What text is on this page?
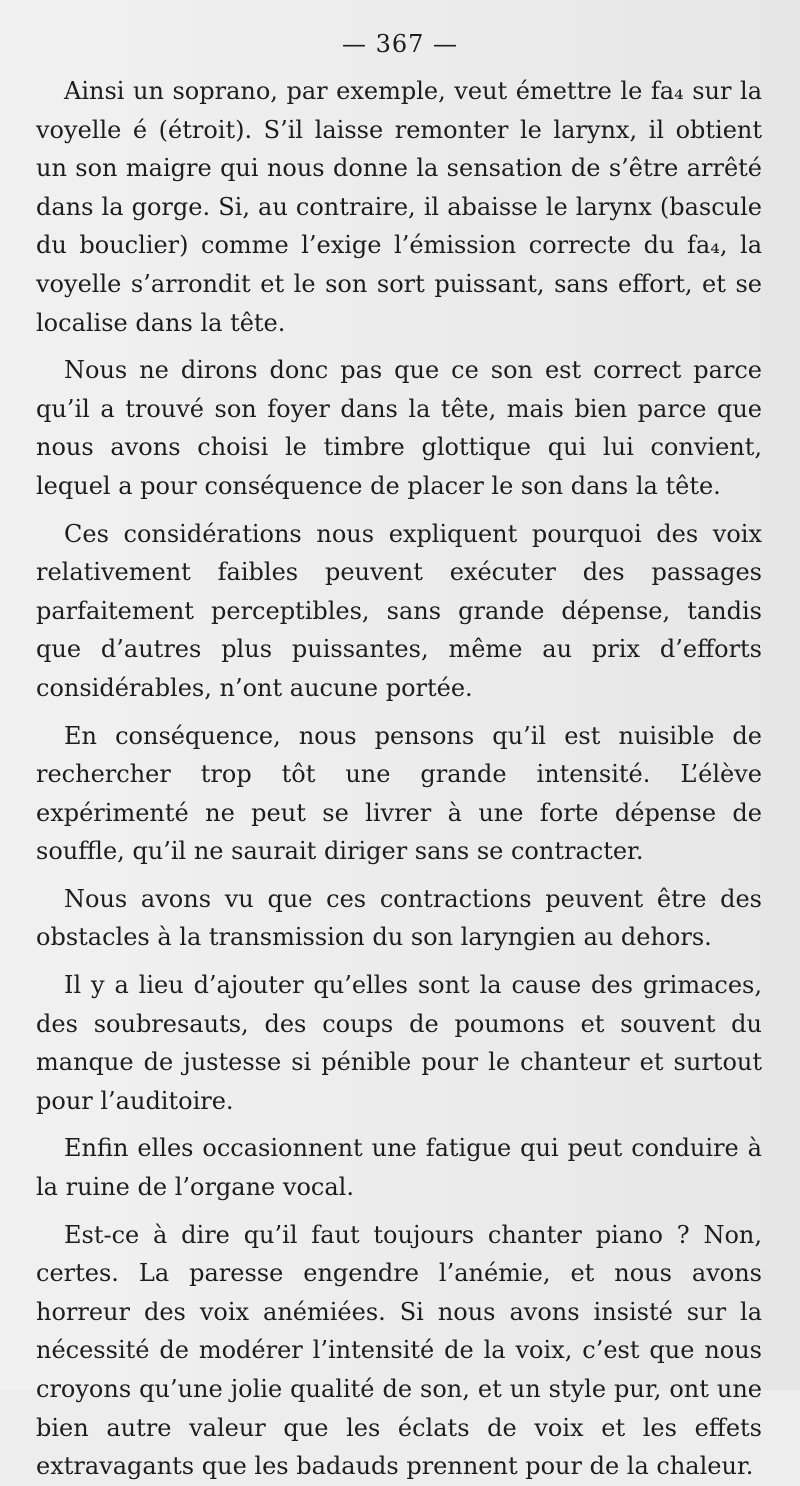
— 367 —

Ainsi un soprano, par exemple, veut émettre le fa₄ sur la voyelle é (étroit). S’il laisse remonter le larynx, il obtient un son maigre qui nous donne la sensation de s’être arrêté dans la gorge. Si, au contraire, il abaisse le larynx (bascule du bouclier) comme l’exige l’émission correcte du fa₄, la voyelle s’arrondit et le son sort puissant, sans effort, et se localise dans la tête.

Nous ne dirons donc pas que ce son est correct parce qu’il a trouvé son foyer dans la tête, mais bien parce que nous avons choisi le timbre glottique qui lui convient, lequel a pour conséquence de placer le son dans la tête.

Ces considérations nous expliquent pourquoi des voix relativement faibles peuvent exécuter des passages parfaitement perceptibles, sans grande dépense, tandis que d’autres plus puissantes, même au prix d’efforts considérables, n’ont aucune portée.

En conséquence, nous pensons qu’il est nuisible de rechercher trop tôt une grande intensité. L’élève expérimenté ne peut se livrer à une forte dépense de souffle, qu’il ne saurait diriger sans se contracter.

Nous avons vu que ces contractions peuvent être des obstacles à la transmission du son laryngien au dehors.

Il y a lieu d’ajouter qu’elles sont la cause des grimaces, des soubresauts, des coups de poumons et souvent du manque de justesse si pénible pour le chanteur et surtout pour l’auditoire.

Enfin elles occasionnent une fatigue qui peut conduire à la ruine de l’organe vocal.

Est-ce à dire qu’il faut toujours chanter piano ? Non, certes. La paresse engendre l’anémie, et nous avons horreur des voix anémiées. Si nous avons insisté sur la nécessité de modérer l’intensité de la voix, c’est que nous croyons qu’une jolie qualité de son, et un style pur, ont une bien autre valeur que les éclats de voix et les effets extravagants que les badauds prennent pour de la chaleur.
